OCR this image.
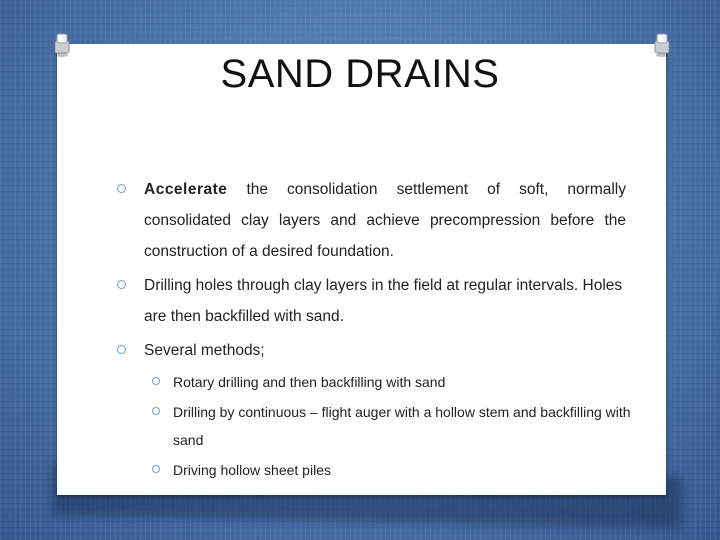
SAND DRAINS

Accelerate the consolidation settlement of soft, normally consolidated clay layers and achieve precompression before the construction of a desired foundation.

Drilling holes through clay layers in the field at regular intervals. Holes are then backfilled with sand.

Several methods;

Rotary drilling and then backfilling with sand

Drilling by continuous – flight auger with a hollow stem and backfilling with sand

Driving hollow sheet piles
